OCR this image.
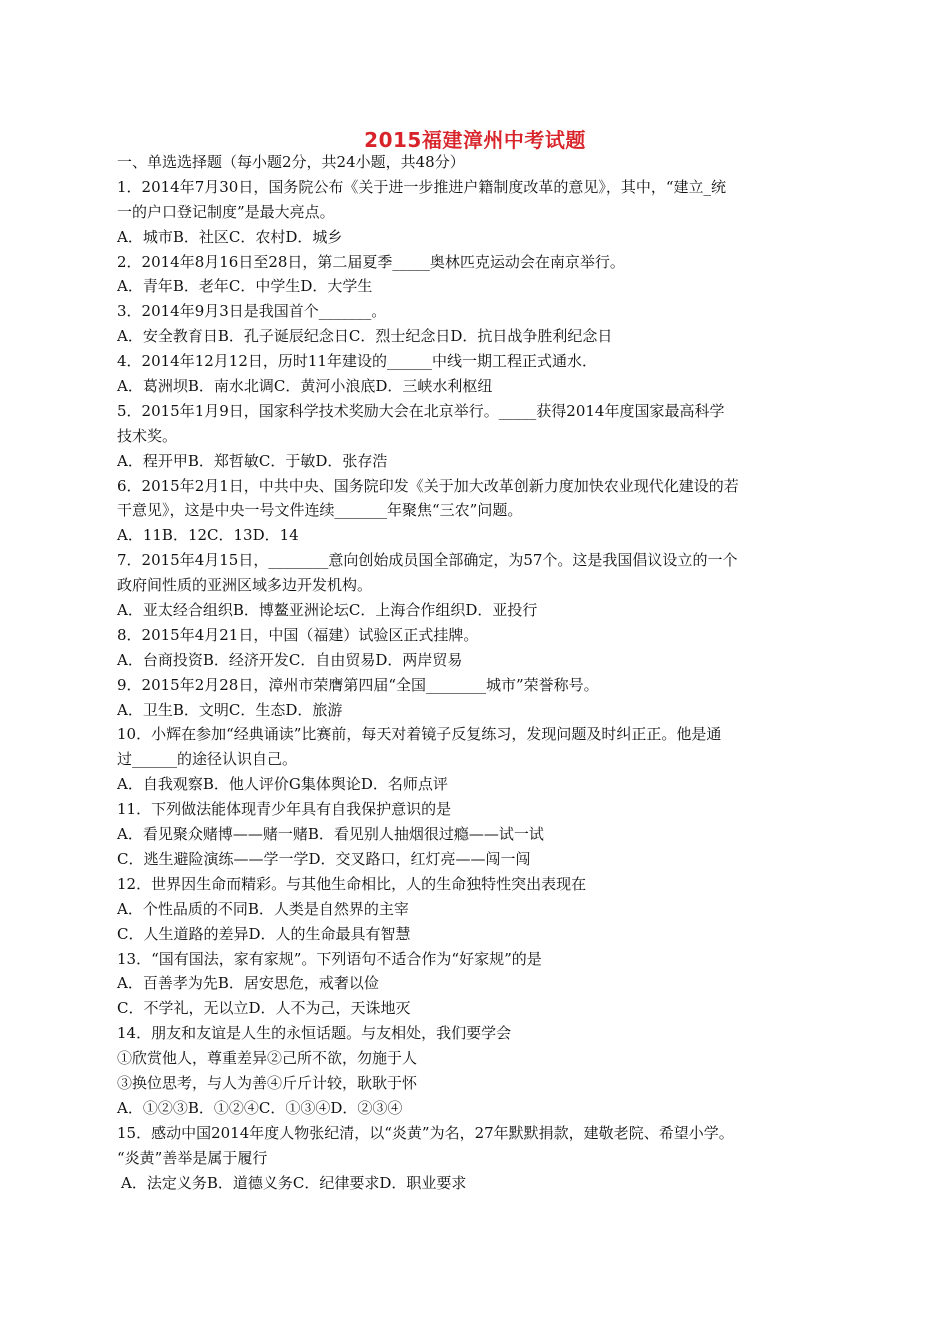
2015福建漳州中考试题
一、单选选择题（每小题2分，共24小题，共48分）
1．2014年7月30日，国务院公布《关于进一步推进户籍制度改革的意见》，其中，“建立_统
一的户口登记制度”是最大亮点。
A．城市B．社区C．农村D．城乡
2．2014年8月16日至28日，第二届夏季_____奥林匹克运动会在南京举行。
A．青年B．老年C．中学生D．大学生
3．2014年9月3日是我国首个_______。
A．安全教育日B．孔子诞辰纪念日C．烈士纪念日D．抗日战争胜利纪念日
4．2014年12月12日，历时11年建设的______中线一期工程正式通水．
A．葛洲坝B．南水北调C．黄河小浪底D．三峡水利枢纽
5．2015年1月9日，国家科学技术奖励大会在北京举行。_____获得2014年度国家最高科学
技术奖。
A．程开甲B．郑哲敏C．于敏D．张存浩
6．2015年2月1日，中共中央、国务院印发《关于加大改革创新力度加快农业现代化建设的若
干意见》，这是中央一号文件连续_______年聚焦“三农”问题。
A．11B．12C．13D．14
7．2015年4月15日，________意向创始成员国全部确定，为57个。这是我国倡议设立的一个
政府间性质的亚洲区域多边开发机构。
A．亚太经合组织B．博鳌亚洲论坛C．上海合作组织D．亚投行
8．2015年4月21日，中国（福建）试验区正式挂牌。
A．台商投资B．经济开发C．自由贸易D．两岸贸易
9．2015年2月28日，漳州市荣膺第四届“全国________城市”荣誉称号。
A．卫生B．文明C．生态D．旅游
10．小辉在参加“经典诵读”比赛前，每天对着镜子反复练习，发现问题及时纠正正。他是通
过______的途径认识自己。
A．自我观察B．他人评价G集体舆论D．名师点评
11．下列做法能体现青少年具有自我保护意识的是
A．看见聚众赌博——赌一赌B．看见别人抽烟很过瘾——试一试
C．逃生避险演练——学一学D．交叉路口，红灯亮——闯一闯
12．世界因生命而精彩。与其他生命相比，人的生命独特性突出表现在
A．个性品质的不同B．人类是自然界的主宰
C．人生道路的差异D．人的生命最具有智慧
13．“国有国法，家有家规”。下列语句不适合作为“好家规”的是
A．百善孝为先B．居安思危，戒奢以俭
C．不学礼，无以立D．人不为己，天诛地灭
14．朋友和友谊是人生的永恒话题。与友相处，我们要学会
①欣赏他人，尊重差异②己所不欲，勿施于人
③换位思考，与人为善④斤斤计较，耿耿于怀
A．①②③B．①②④C．①③④D．②③④
15．感动中国2014年度人物张纪清，以“炎黄”为名，27年默默捐款，建敬老院、希望小学。
“炎黄”善举是属于履行
A．法定义务B．道德义务C．纪律要求D．职业要求
